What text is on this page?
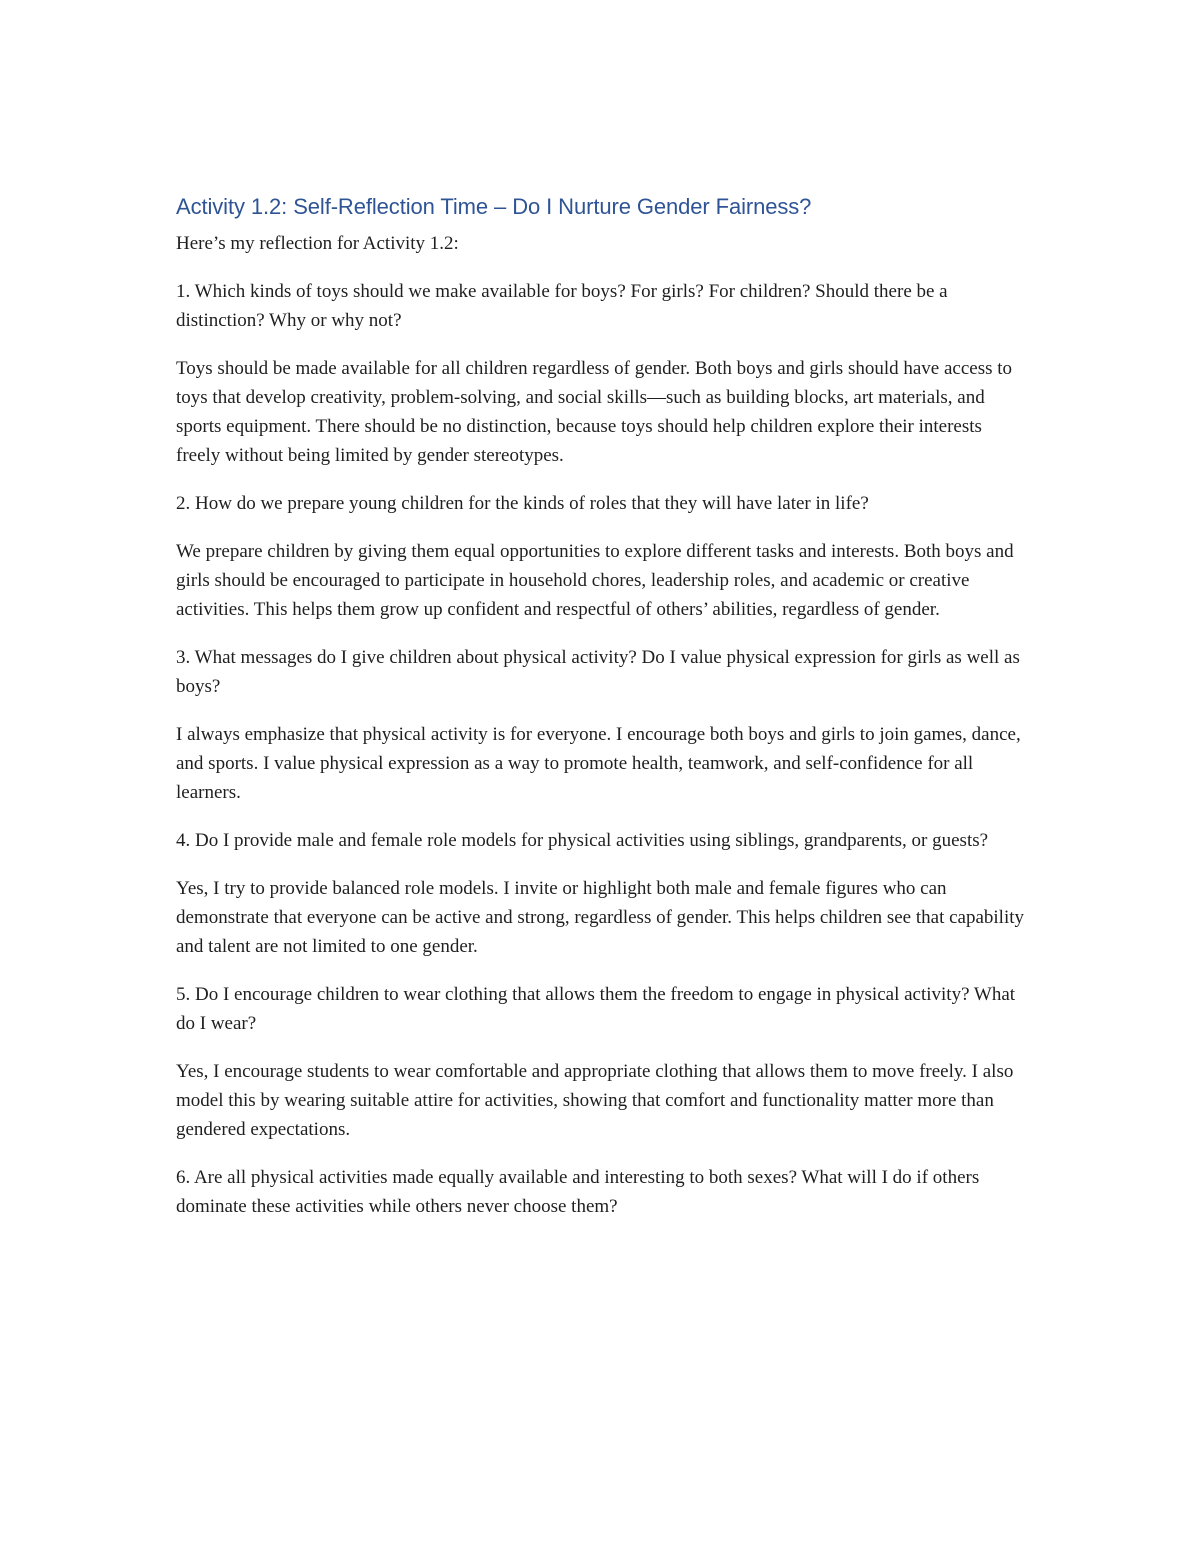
Activity 1.2: Self-Reflection Time – Do I Nurture Gender Fairness?

Here’s my reflection for Activity 1.2:

1. Which kinds of toys should we make available for boys? For girls? For children? Should there be a distinction? Why or why not?

Toys should be made available for all children regardless of gender. Both boys and girls should have access to toys that develop creativity, problem-solving, and social skills—such as building blocks, art materials, and sports equipment. There should be no distinction, because toys should help children explore their interests freely without being limited by gender stereotypes.

2. How do we prepare young children for the kinds of roles that they will have later in life?

We prepare children by giving them equal opportunities to explore different tasks and interests. Both boys and girls should be encouraged to participate in household chores, leadership roles, and academic or creative activities. This helps them grow up confident and respectful of others’ abilities, regardless of gender.

3. What messages do I give children about physical activity? Do I value physical expression for girls as well as boys?

I always emphasize that physical activity is for everyone. I encourage both boys and girls to join games, dance, and sports. I value physical expression as a way to promote health, teamwork, and self-confidence for all learners.

4. Do I provide male and female role models for physical activities using siblings, grandparents, or guests?

Yes, I try to provide balanced role models. I invite or highlight both male and female figures who can demonstrate that everyone can be active and strong, regardless of gender. This helps children see that capability and talent are not limited to one gender.

5. Do I encourage children to wear clothing that allows them the freedom to engage in physical activity? What do I wear?

Yes, I encourage students to wear comfortable and appropriate clothing that allows them to move freely. I also model this by wearing suitable attire for activities, showing that comfort and functionality matter more than gendered expectations.

6. Are all physical activities made equally available and interesting to both sexes? What will I do if others dominate these activities while others never choose them?
